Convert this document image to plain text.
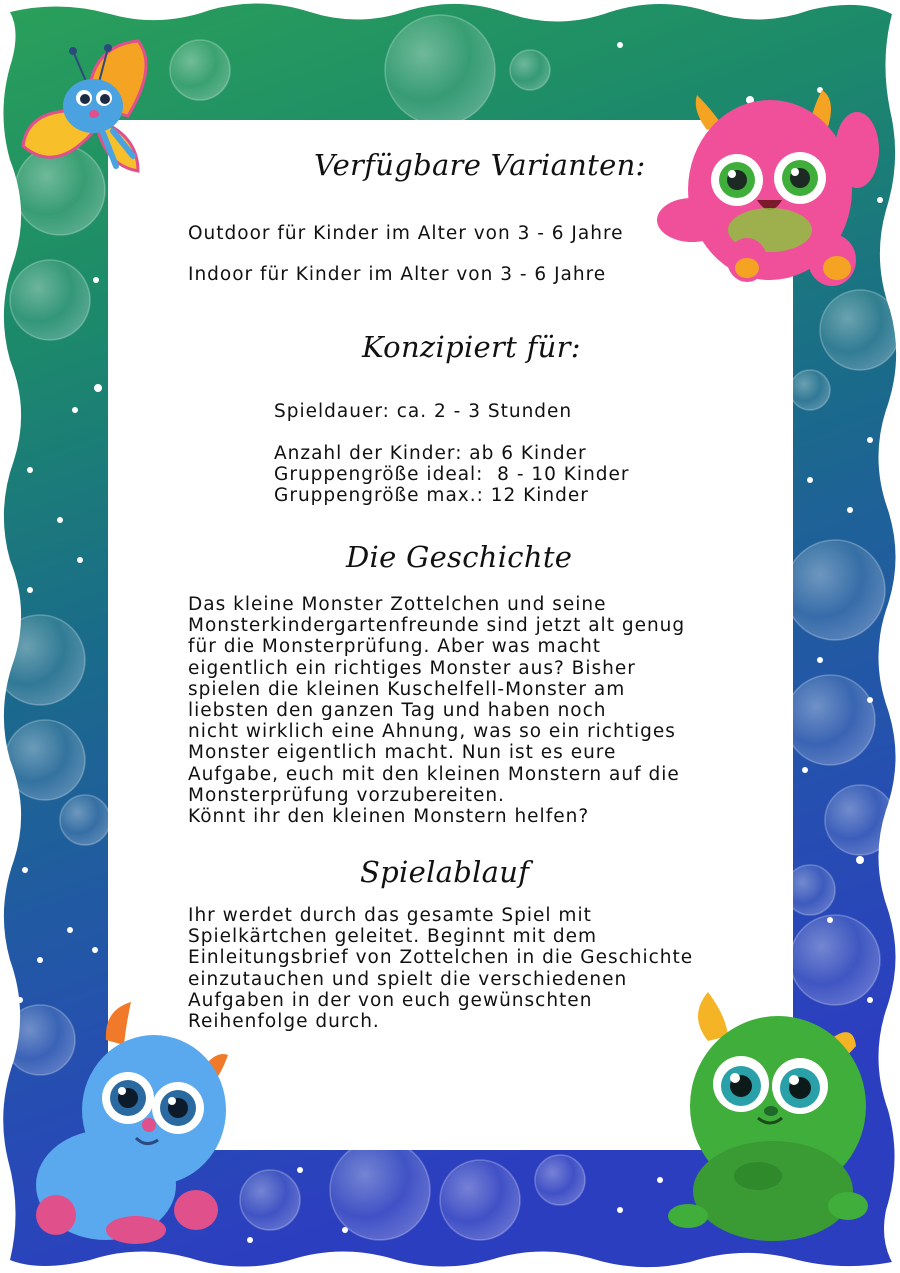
Verfügbare Varianten:
Outdoor für Kinder im Alter von 3 - 6 Jahre
Indoor für Kinder im Alter von 3 - 6 Jahre
Konzipiert für:
Spieldauer: ca. 2 - 3 Stunden
Anzahl der Kinder: ab 6 Kinder
Gruppengröße ideal:  8 - 10 Kinder
Gruppengröße max.: 12 Kinder
Die Geschichte
Das kleine Monster Zottelchen und seine
Monsterkindergartenfreunde sind jetzt alt genug
für die Monsterprüfung. Aber was macht
eigentlich ein richtiges Monster aus? Bisher
spielen die kleinen Kuschelfell-Monster am
liebsten den ganzen Tag und haben noch
nicht wirklich eine Ahnung, was so ein richtiges
Monster eigentlich macht. Nun ist es eure
Aufgabe, euch mit den kleinen Monstern auf die
Monsterprüfung vorzubereiten.
Könnt ihr den kleinen Monstern helfen?
Spielablauf
Ihr werdet durch das gesamte Spiel mit
Spielkärtchen geleitet. Beginnt mit dem
Einleitungsbrief von Zottelchen in die Geschichte
einzutauchen und spielt die verschiedenen
Aufgaben in der von euch gewünschten
Reihenfolge durch.
